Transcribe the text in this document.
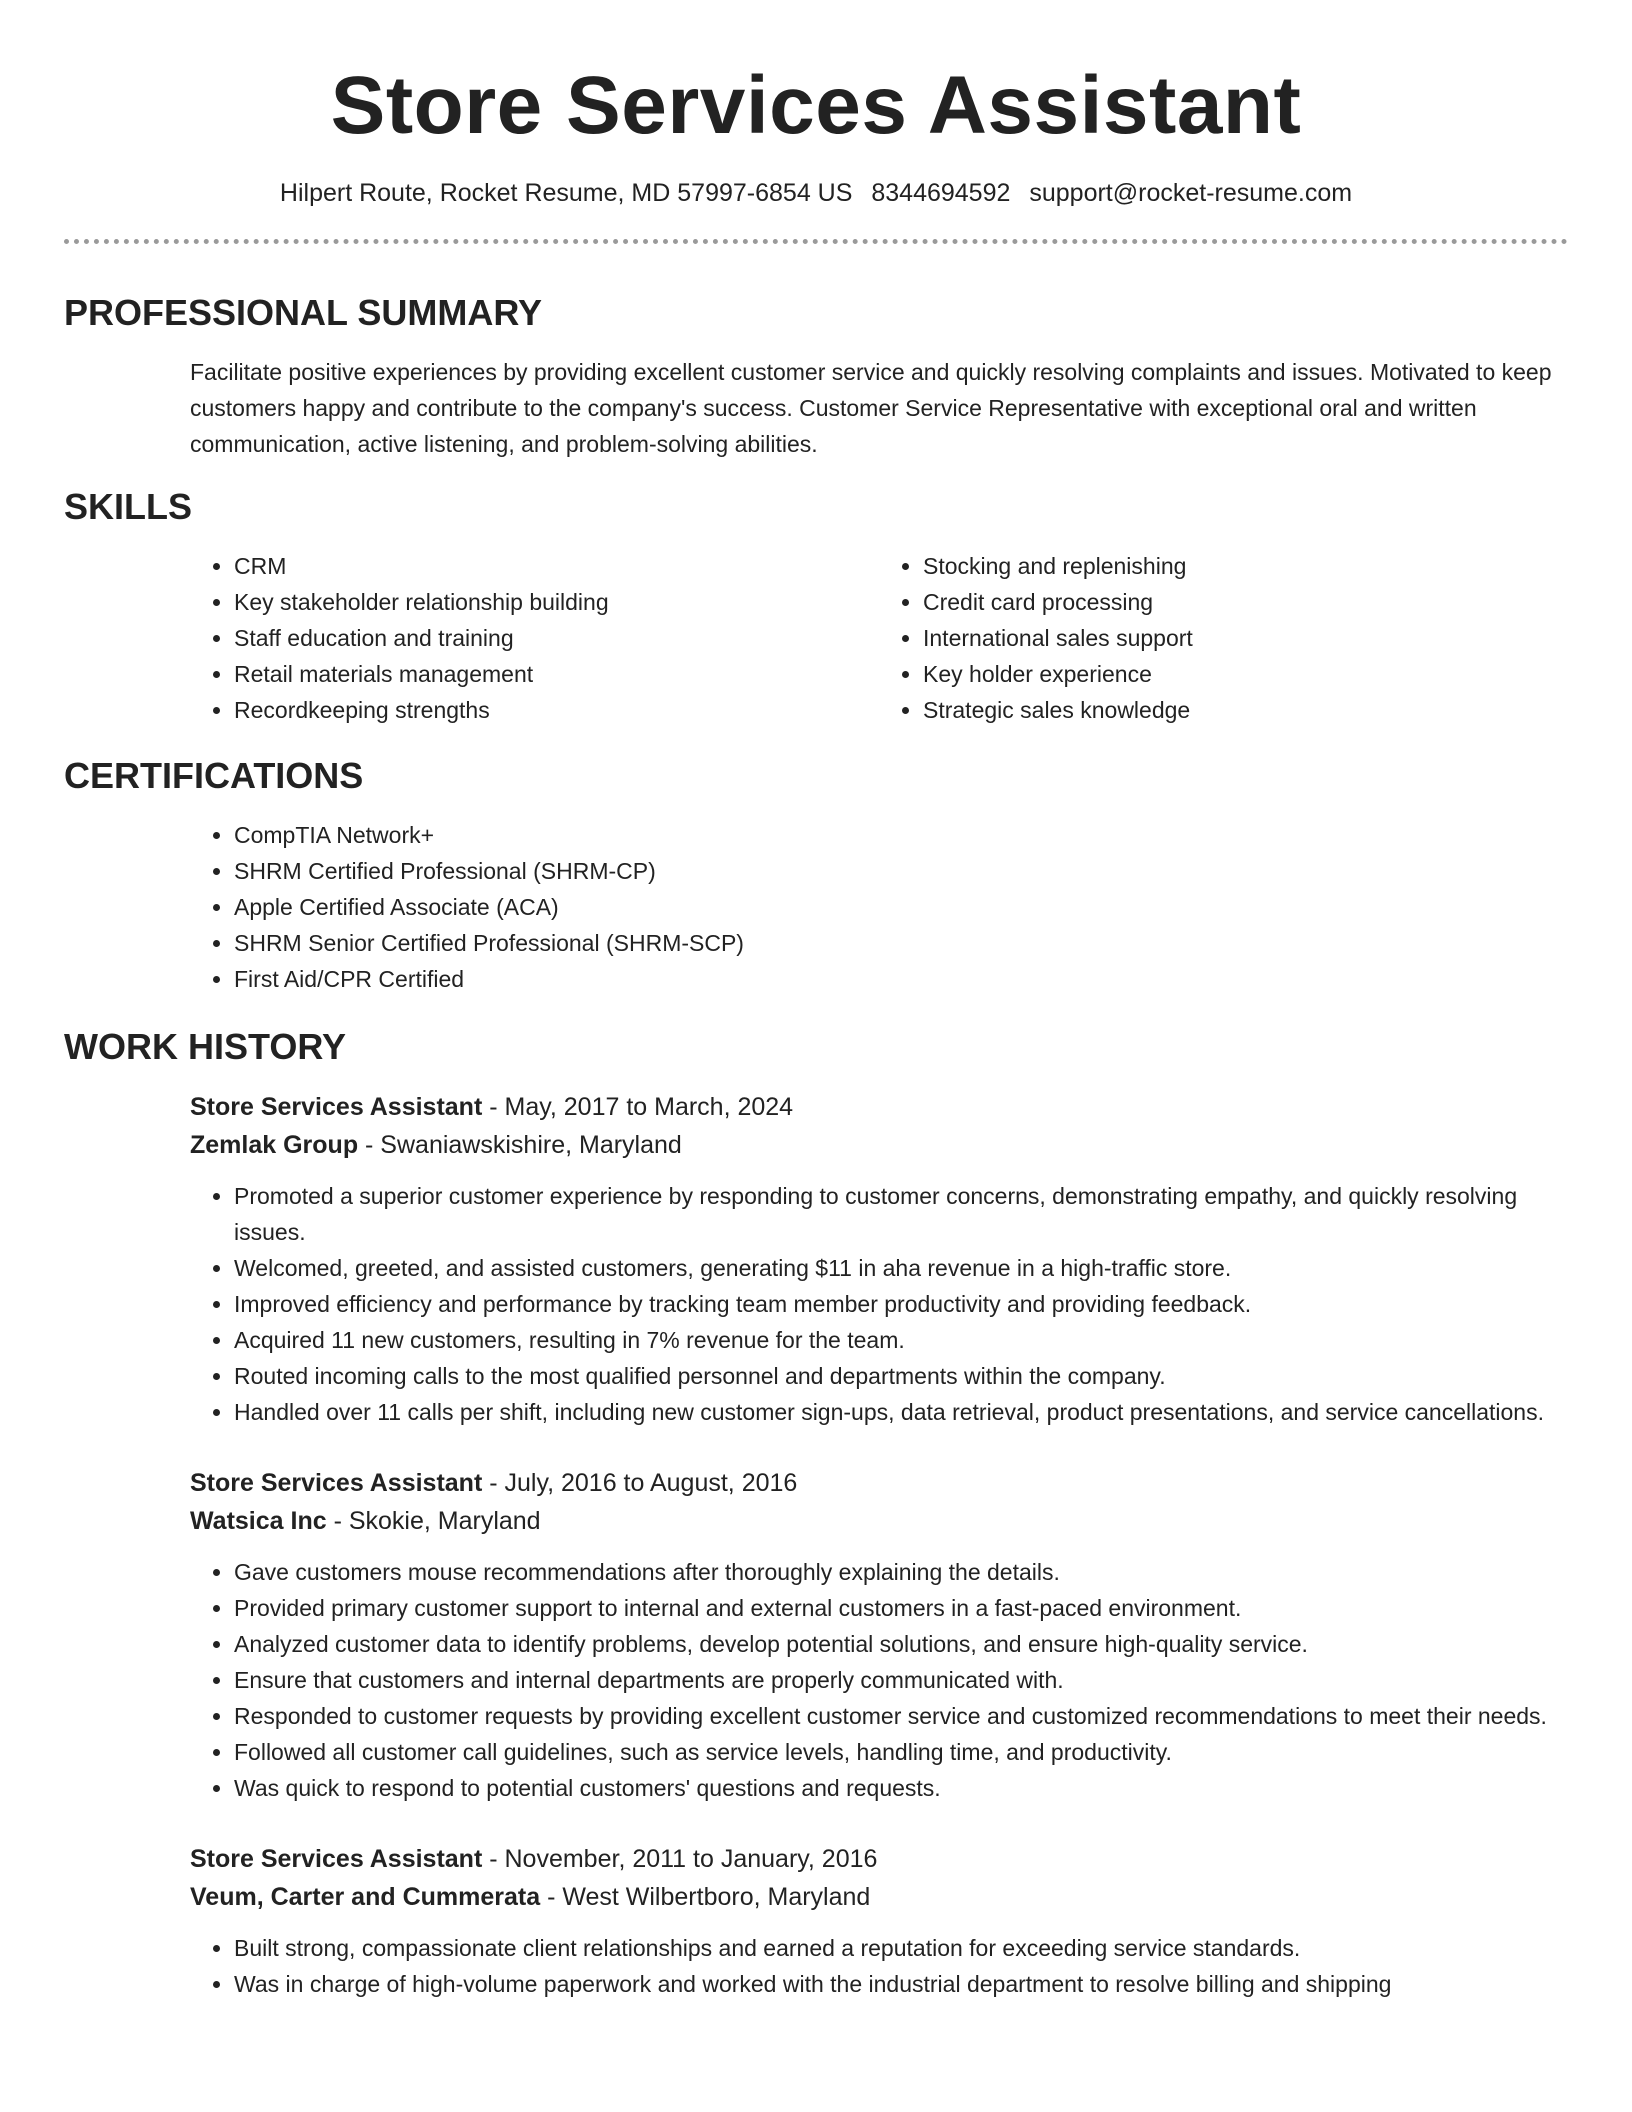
Store Services Assistant
Hilpert Route, Rocket Resume, MD 57997-6854 US 8344694592 support@rocket-resume.com
PROFESSIONAL SUMMARY
Facilitate positive experiences by providing excellent customer service and quickly resolving complaints and issues. Motivated to keep customers happy and contribute to the company's success. Customer Service Representative with exceptional oral and written communication, active listening, and problem-solving abilities.
SKILLS
• CRM
• Key stakeholder relationship building
• Staff education and training
• Retail materials management
• Recordkeeping strengths
• Stocking and replenishing
• Credit card processing
• International sales support
• Key holder experience
• Strategic sales knowledge
CERTIFICATIONS
• CompTIA Network+
• SHRM Certified Professional (SHRM-CP)
• Apple Certified Associate (ACA)
• SHRM Senior Certified Professional (SHRM-SCP)
• First Aid/CPR Certified
WORK HISTORY
Store Services Assistant - May, 2017 to March, 2024
Zemlak Group - Swaniawskishire, Maryland
• Promoted a superior customer experience by responding to customer concerns, demonstrating empathy, and quickly resolving issues.
• Welcomed, greeted, and assisted customers, generating $11 in aha revenue in a high-traffic store.
• Improved efficiency and performance by tracking team member productivity and providing feedback.
• Acquired 11 new customers, resulting in 7% revenue for the team.
• Routed incoming calls to the most qualified personnel and departments within the company.
• Handled over 11 calls per shift, including new customer sign-ups, data retrieval, product presentations, and service cancellations.
Store Services Assistant - July, 2016 to August, 2016
Watsica Inc - Skokie, Maryland
• Gave customers mouse recommendations after thoroughly explaining the details.
• Provided primary customer support to internal and external customers in a fast-paced environment.
• Analyzed customer data to identify problems, develop potential solutions, and ensure high-quality service.
• Ensure that customers and internal departments are properly communicated with.
• Responded to customer requests by providing excellent customer service and customized recommendations to meet their needs.
• Followed all customer call guidelines, such as service levels, handling time, and productivity.
• Was quick to respond to potential customers' questions and requests.
Store Services Assistant - November, 2011 to January, 2016
Veum, Carter and Cummerata - West Wilbertboro, Maryland
• Built strong, compassionate client relationships and earned a reputation for exceeding service standards.
• Was in charge of high-volume paperwork and worked with the industrial department to resolve billing and shipping
